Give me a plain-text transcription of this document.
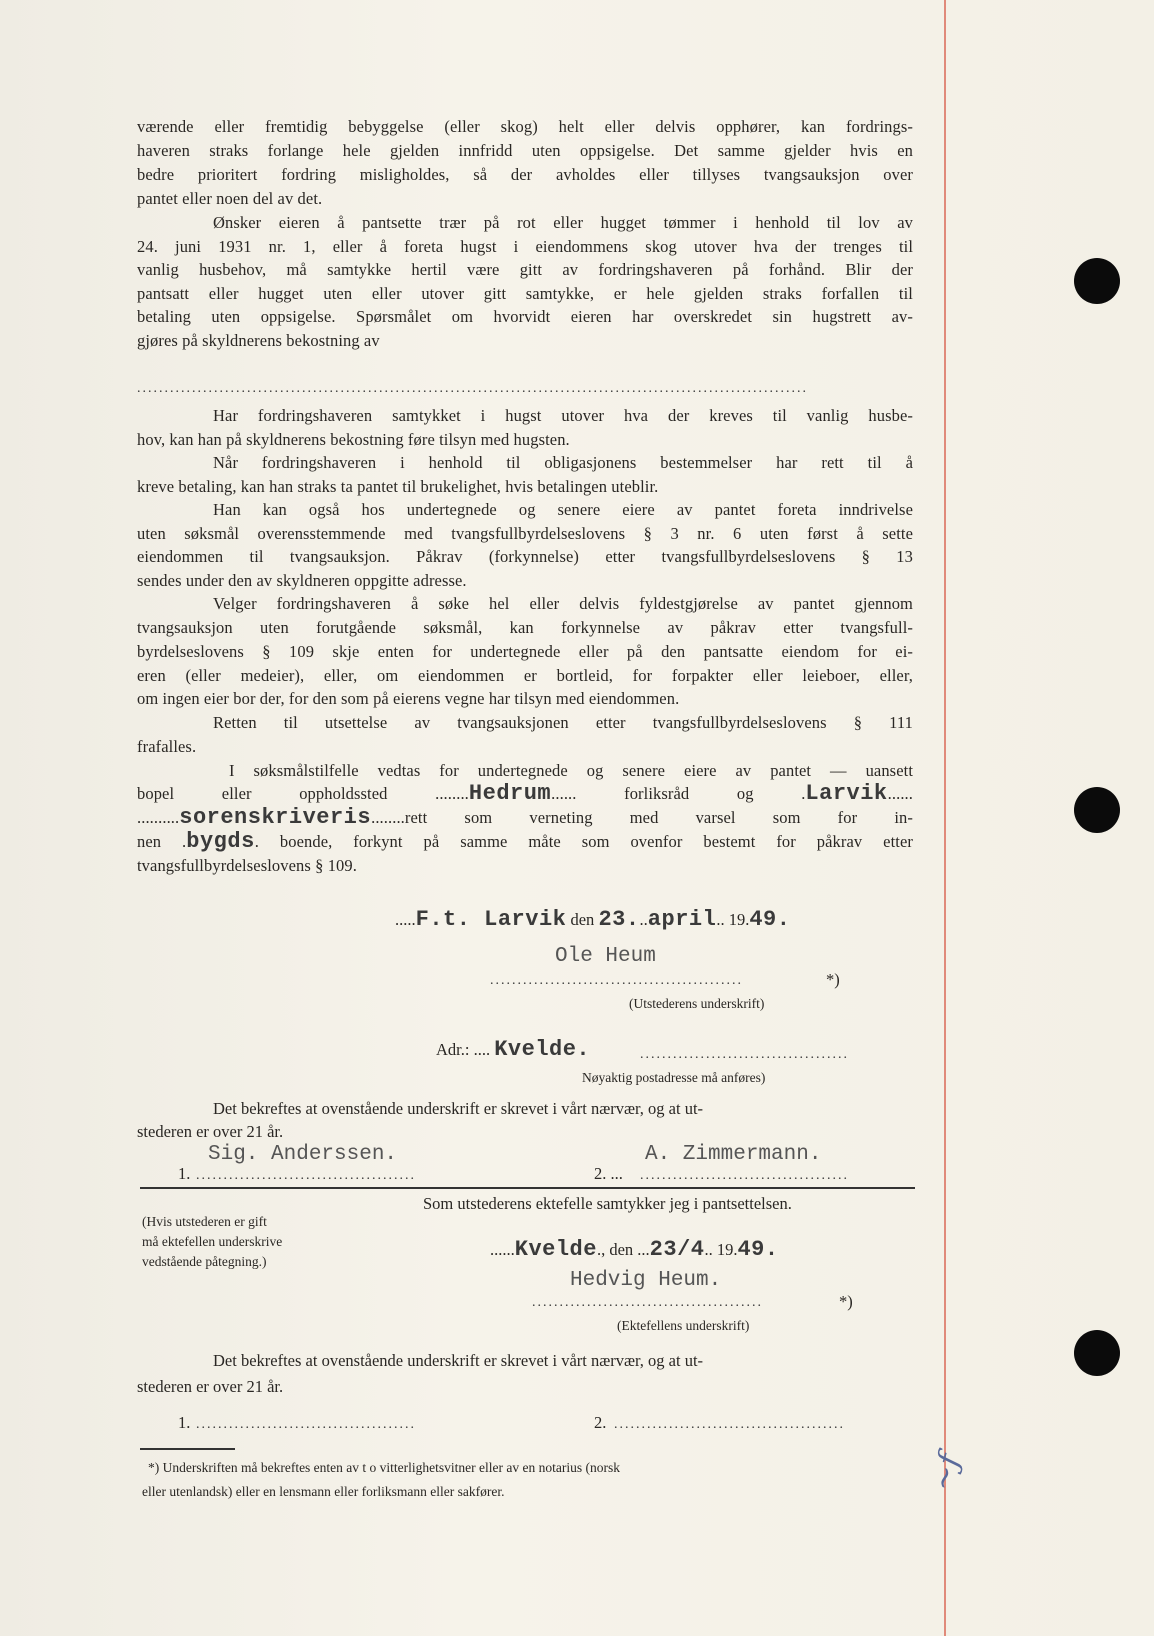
værende eller fremtidig bebyggelse (eller skog) helt eller delvis opphører, kan fordrings-
haveren straks forlange hele gjelden innfridd uten oppsigelse. Det samme gjelder hvis en
bedre prioritert fordring misligholdes, så der avholdes eller tillyses tvangsauksjon over
pantet eller noen del av det.
Ønsker eieren å pantsette trær på rot eller hugget tømmer i henhold til lov av
24. juni 1931 nr. 1, eller å foreta hugst i eiendommens skog utover hva der trenges til
vanlig husbehov, må samtykke hertil være gitt av fordringshaveren på forhånd. Blir der
pantsatt eller hugget uten eller utover gitt samtykke, er hele gjelden straks forfallen til
betaling uten oppsigelse. Spørsmålet om hvorvidt eieren har overskredet sin hugstrett av-
gjøres på skyldnerens bekostning av
Har fordringshaveren samtykket i hugst utover hva der kreves til vanlig husbe-
hov, kan han på skyldnerens bekostning føre tilsyn med hugsten.
Når fordringshaveren i henhold til obligasjonens bestemmelser har rett til å
kreve betaling, kan han straks ta pantet til brukelighet, hvis betalingen uteblir.
Han kan også hos undertegnede og senere eiere av pantet foreta inndrivelse
uten søksmål overensstemmende med tvangsfullbyrdelseslovens § 3 nr. 6 uten først å sette
eiendommen til tvangsauksjon. Påkrav (forkynnelse) etter tvangsfullbyrdelseslovens § 13
sendes under den av skyldneren oppgitte adresse.
Velger fordringshaveren å søke hel eller delvis fyldestgjørelse av pantet gjennom
tvangsauksjon uten forutgående søksmål, kan forkynnelse av påkrav etter tvangsfull-
byrdelseslovens § 109 skje enten for undertegnede eller på den pantsatte eiendom for ei-
eren (eller medeier), eller, om eiendommen er bortleid, for forpakter eller leieboer, eller,
om ingen eier bor der, for den som på eierens vegne har tilsyn med eiendommen.
Retten til utsettelse av tvangsauksjonen etter tvangsfullbyrdelseslovens § 111
frafalles.
I søksmålstilfelle vedtas for undertegnede og senere eiere av pantet — uansett
bopel eller oppholdssted ........Hedrum...... forliksråd og .Larvik......
..........sorenskriveris........rett som verneting med varsel som for in-
nen .bygds. boende, forkynt på samme måte som ovenfor bestemt for påkrav etter
tvangsfullbyrdelseslovens § 109.
..........................................................................................................................
.....F.t. Larvik den 23...april.. 19.49.
Ole Heum
..............................................	*)
(Utstederens underskrift)
Adr.: .... Kvelde.	......................................
Nøyaktig postadresse må anføres)
Det bekreftes at ovenstående underskrift er skrevet i vårt nærvær, og at ut-
stederen er over 21 år.
1.
Sig. Anderssen.
........................................	2. ...
A. Zimmermann.
......................................
(Hvis utstederen er gift
må ektefellen underskrive
vedstående påtegning.)
Som utstederens ektefelle samtykker jeg i pantsettelsen.
......Kvelde., den ...23/4.. 19.49.
Hedvig Heum.
..........................................	*)
(Ektefellens underskrift)
Det bekreftes at ovenstående underskrift er skrevet i vårt nærvær, og at ut-
stederen er over 21 år.
1. ........................................	2. ..........................................
*) Underskriften må bekreftes enten av t o vitterlighetsvitner eller av en notarius (norsk
eller utenlandsk) eller en lensmann eller forliksmann eller sakfører.	~ƒ
